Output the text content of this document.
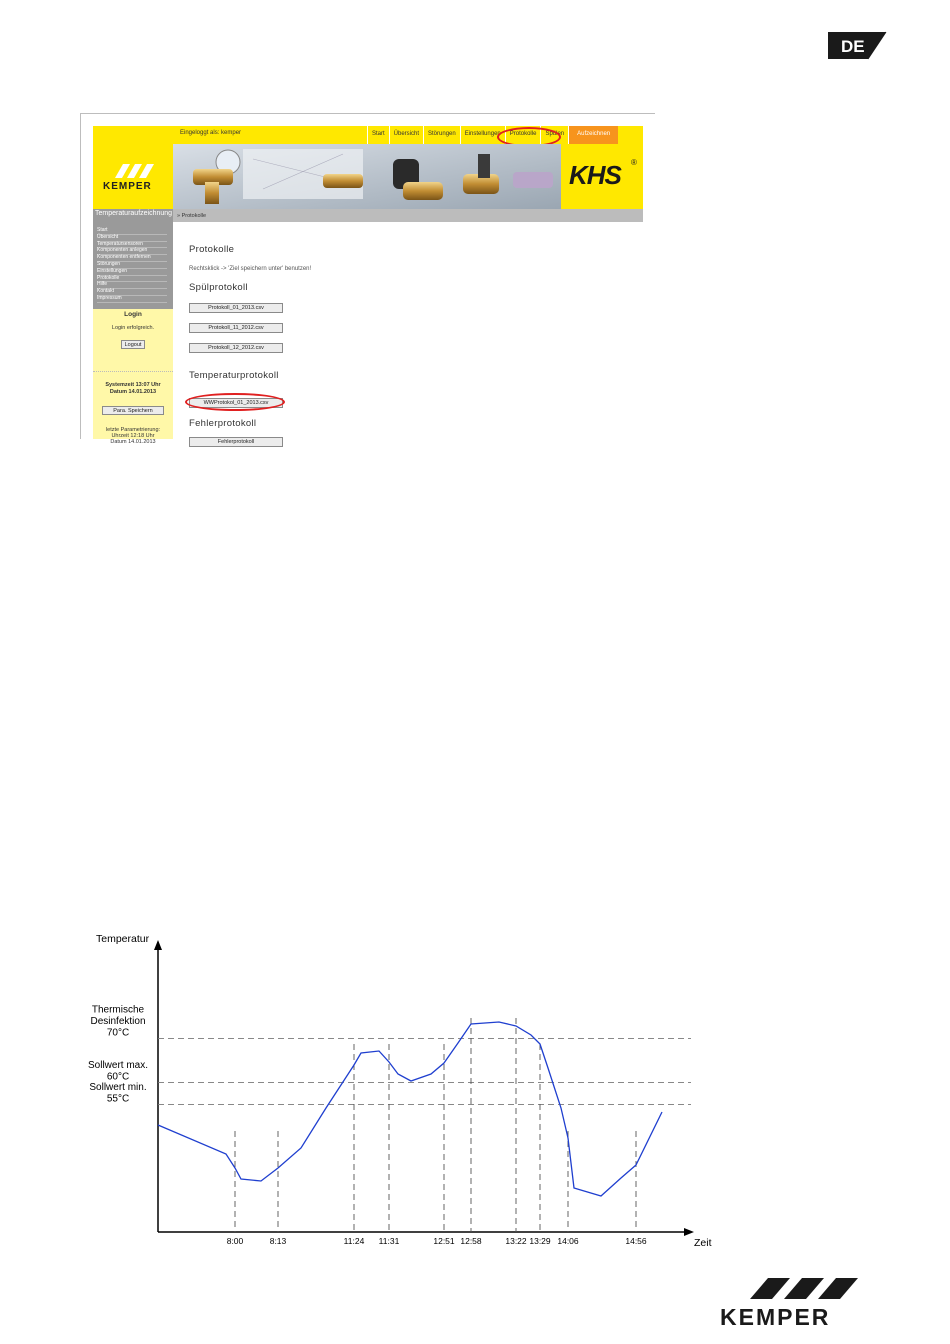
DE
Eingeloggt als: kemper	Start	Übersicht	Störungen	Einstellungen	Protokolle	Spülen	Aufzeichnen
KEMPER	KHS ®
Temperaturaufzeichnung » Protokolle
Start
Übersicht
Temperatursensoren
Komponenten anlegen
Komponenten entfernen
Störungen
Einstellungen
Protokolle
Hilfe
Kontakt
Impressum
Login
Login erfolgreich.
Logout
Systemzeit 13:07 Uhr
Datum 14.01.2013
Para. Speichern
letzte Parametrierung:
Uhrzeit 12:18 Uhr
Datum 14.01.2013
Protokolle
Rechtsklick -> 'Ziel speichern unter' benutzen!
Spülprotokoll
Protokoll_01_2013.csv
Protokoll_11_2012.csv
Protokoll_12_2012.csv
Temperaturprotokoll
WWProtokol_01_2013.csv
Fehlerprotokoll
Fehlerprotokoll
Temperatur
Zeit
Thermische
Desinfektion
70°C
Sollwert max.
60°C
Sollwert min.
55°C
8:00	8:13	11:24 11:31	12:51 12:58	13:22 13:29 14:06	14:56
KEMPER
